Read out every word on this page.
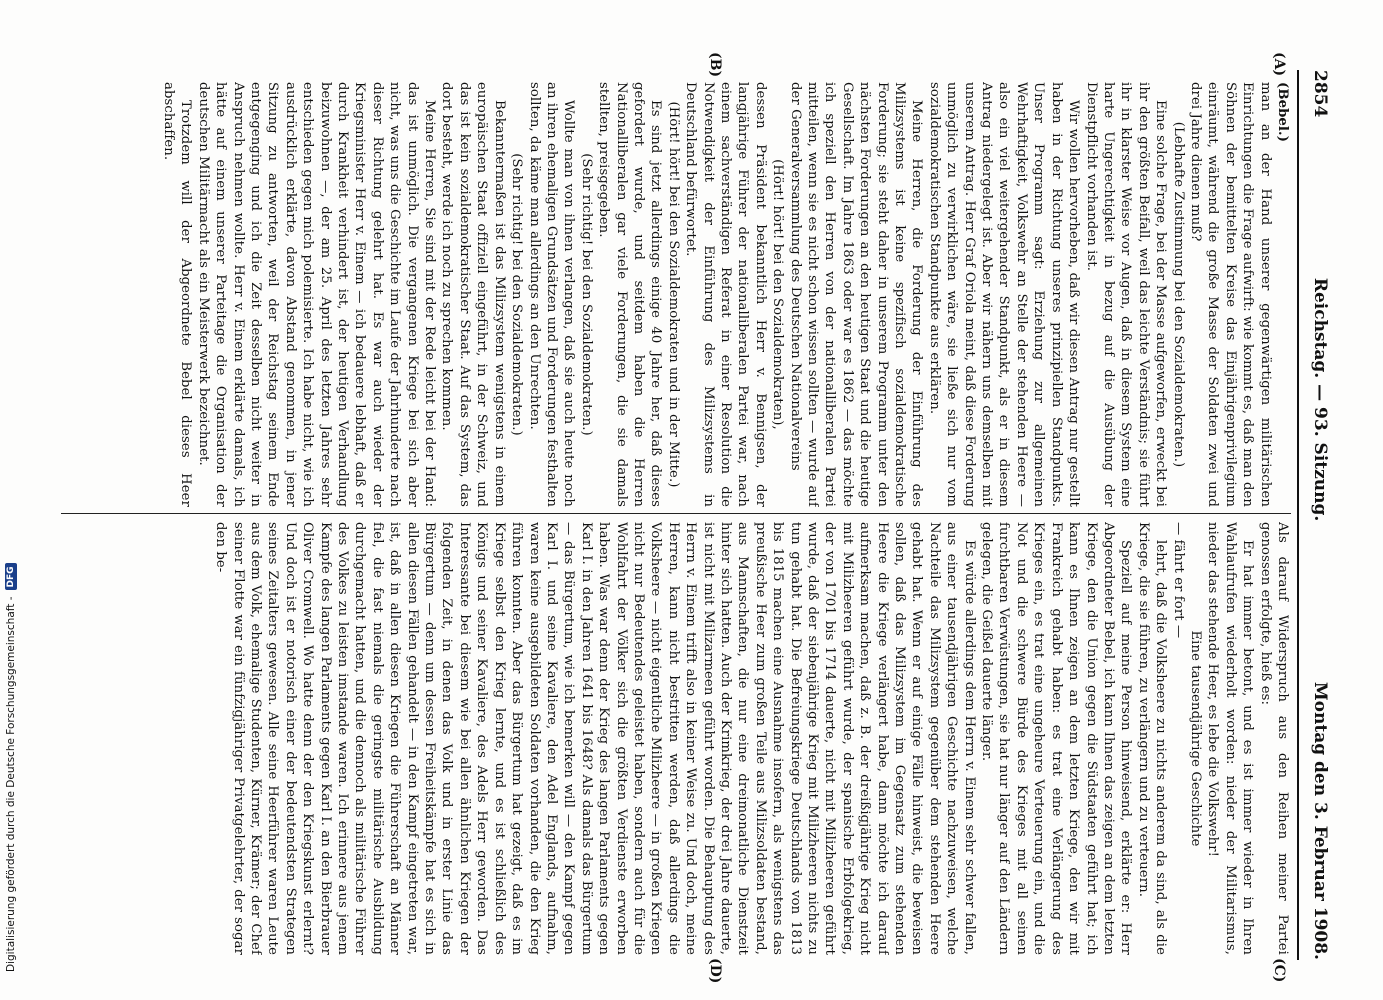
Digitalisierung gefördert durch die Deutsche Forschungsgemeinschaft -
DFG
2854
Reichstag. — 93. Sitzung.
Montag den 3. Februar 1908.
(A)
(B)
(C)
(D)

(Bebel.)

man an der Hand unserer gegenwärtigen militärischen Einrichtungen die Frage aufwirft: wie kommt es, daß man den Söhnen der bemittelten Kreise das Einjährigenprivilegium einräumt, während die große Masse der Soldaten zwei und drei Jahre dienen muß?

(Lebhafte Zustimmung bei den Sozialdemokraten.)

Eine solche Frage, bei der Masse aufgeworfen, erweckt bei ihr den größten Beifall, weil das leichte Verständnis; sie führt ihr in klarster Weise vor Augen, daß in diesem System eine harte Ungerechtigkeit in bezug auf die Ausübung der Dienstpflicht vorhanden ist.

Wir wollen hervorheben, daß wir diesen Antrag nur gestellt haben in der Richtung unseres prinzipiellen Standpunkts. Unser Programm sagt: Erziehung zur allgemeinen Wehrhaftigkeit, Volkswehr an Stelle der stehenden Heere — also ein viel weitergehender Standpunkt, als er in diesem Antrag niedergelegt ist. Aber wir nähern uns demselben mit unserem Antrag. Herr Graf Oriola meint, daß diese Forderung unmöglich zu verwirklichen wäre, sie ließe sich nur vom sozialdemokratischen Standpunkte aus erklären.

Meine Herren, die Forderung der Einführung des Milizsystems ist keine spezifisch sozialdemokratische Forderung; sie steht daher in unserem Programm unter den nächsten Forderungen an den heutigen Staat und die heutige Gesellschaft. Im Jahre 1863 oder war es 1862 — das möchte ich speziell den Herren von der nationalliberalen Partei mitteilen, wenn sie es nicht schon wissen sollten — wurde auf der Generalversammlung des Deutschen Nationalvereins

(Hört! hört! bei den Sozialdemokraten),

dessen Präsident bekanntlich Herr v. Bennigsen, der langjährige Führer der nationalliberalen Partei war, nach einem sachverständigen Referat in einer Resolution die Notwendigkeit der Einführung des Milizsystems in Deutschland befürwortet.

(Hört! hört! bei den Sozialdemokraten und in der Mitte.)

Es sind jetzt allerdings einige 40 Jahre her, daß dieses gefordert wurde, und seitdem haben die Herren Nationalliberalen gar viele Forderungen, die sie damals stellten, preisgegeben.

(Sehr richtig! bei den Sozialdemokraten.)

Wollte man von ihnen verlangen, daß sie auch heute noch an ihren ehemaligen Grundsätzen und Forderungen festhalten sollten, da käme man allerdings an den Unrechten.

(Sehr richtig! bei den Sozialdemokraten.)

Bekanntermaßen ist das Milizsystem wenigstens in einem europäischen Staat offiziell eingeführt, in der Schweiz, und das ist kein sozialdemokratischer Staat. Auf das System, das dort besteht, werde ich noch zu sprechen kommen.

Meine Herren, Sie sind mit der Rede leicht bei der Hand: das ist unmöglich. Die vergangenen Kriege bei sich aber nicht, was uns die Geschichte im Laufe der Jahrhunderte nach dieser Richtung gelehrt hat. Es war auch wieder der Kriegsminister Herr v. Einem — ich bedauere lebhaft, daß er durch Krankheit verhindert ist, der heutigen Verhandlung beizuwohnen —, der am 25. April des letzten Jahres sehr entschieden gegen mich polemisierte. Ich habe nicht, wie ich ausdrücklich erklärte, davon Abstand genommen, in jener Sitzung zu antworten, weil der Reichstag seinem Ende entgegenging und ich die Zeit desselben nicht weiter in Anspruch nehmen wollte. Herr v. Einem erklärte damals, ich hätte auf einem unserer Parteitage die Organisation der deutschen Militärmacht als ein Meisterwerk bezeichnet.

Trotzdem will der Abgeordnete Bebel dieses Heer abschaffen.

Als darauf Widerspruch aus den Reihen meiner Partei genossen erfolgte, hieß es:

Er hat immer betont, und es ist immer wieder in Ihren Wahlaufrufen wiederholt worden: nieder der Militarismus, nieder das stehende Heer, es lebe die Volkswehr!

Eine tausendjährige Geschichte

— fährt er fort —

lehrt, daß die Volksheere zu nichts anderem da sind, als die Kriege, die sie führen, zu verlängern und zu verteuern.

Speziell auf meine Person hinweisend, erklärte er: Herr Abgeordneter Bebel, ich kann Ihnen das zeigen an dem letzten Kriege, den die Union gegen die Südstaaten geführt hat; ich kann es Ihnen zeigen an dem letzten Kriege, den wir mit Frankreich gehabt haben: es trat eine Verlängerung des Krieges ein, es trat eine ungeheure Verteuerung ein, und die Not und die schwere Bürde des Krieges mit all seinen furchtbaren Verwüstungen, sie hat nur länger auf den Ländern gelegen, die Geißel dauerte länger.

Es würde allerdings dem Herrn v. Einem sehr schwer fallen, aus einer tausendjährigen Geschichte nachzuweisen, welche Nachteile das Milizsystem gegenüber dem stehenden Heere gehabt hat. Wenn er auf einige Fälle hinweist, die beweisen sollen, daß das Milizsystem im Gegensatz zum stehenden Heere die Kriege verlängert habe, dann möchte ich darauf aufmerksam machen, daß z. B. der dreißigjährige Krieg nicht mit Milizheeren geführt wurde, der spanische Erbfolgekrieg, der von 1701 bis 1714 dauerte, nicht mit Milizheeren geführt wurde, daß der siebenjährige Krieg mit Milizheeren nichts zu tun gehabt hat. Die Befreiungskriege Deutschlands von 1813 bis 1815 machen eine Ausnahme insofern, als wenigstens das preußische Heer zum großen Teile aus Milizsoldaten bestand, aus Mannschaften, die nur eine dreimonatliche Dienstzeit hinter sich hatten. Auch der Krimkrieg, der drei Jahre dauerte, ist nicht mit Milizarmeen geführt worden. Die Behauptung des Herrn v. Einem trifft also in keiner Weise zu. Und doch, meine Herren, kann nicht bestritten werden, daß allerdings die Volksheere — nicht eigentliche Milizheere — in großen Kriegen nicht nur Bedeutendes geleistet haben, sondern auch für die Wohlfahrt der Völker sich die größten Verdienste erworben haben. Was war denn der Krieg des langen Parlaments gegen Karl I. in den Jahren 1641 bis 1648? Als damals das Bürgertum — das Bürgertum, wie ich bemerken will — den Kampf gegen Karl I. und seine Kavaliere, den Adel Englands, aufnahm, waren keine ausgebildeten Soldaten vorhanden, die den Krieg führen konnten. Aber das Bürgertum hat gezeigt, daß es im Kriege selbst den Krieg lernte, und es ist schließlich des Königs und seiner Kavaliere, des Adels Herr geworden. Das Interessante bei diesem wie bei allen ähnlichen Kriegen der folgenden Zeit, in denen das Volk und in erster Linie das Bürgertum — denn um dessen Freiheitskämpfe hat es sich in allen diesen Fällen gehandelt — in den Kampf eingetreten war, ist, daß in allen diesen Kriegen die Führerschaft an Männer fiel, die fast niemals die geringste militärische Ausbildung durchgemacht hatten, und die dennoch als militärische Führer des Volkes zu leisten imstande waren. Ich erinnere aus jenem Kampfe des langen Parlaments gegen Karl I. an den Bierbrauer Oliver Cromwell. Wo hatte denn der den Kriegskunst erlernt? Und doch ist er notorisch einer der bedeutendsten Strategen seines Zeitalters gewesen. Alle seine Heerführer waren Leute aus dem Volk, ehemalige Studenten, Kürner, Krämer; der Chef seiner Flotte war ein fünfzigjähriger Privatgelehrter, der sogar den be-
